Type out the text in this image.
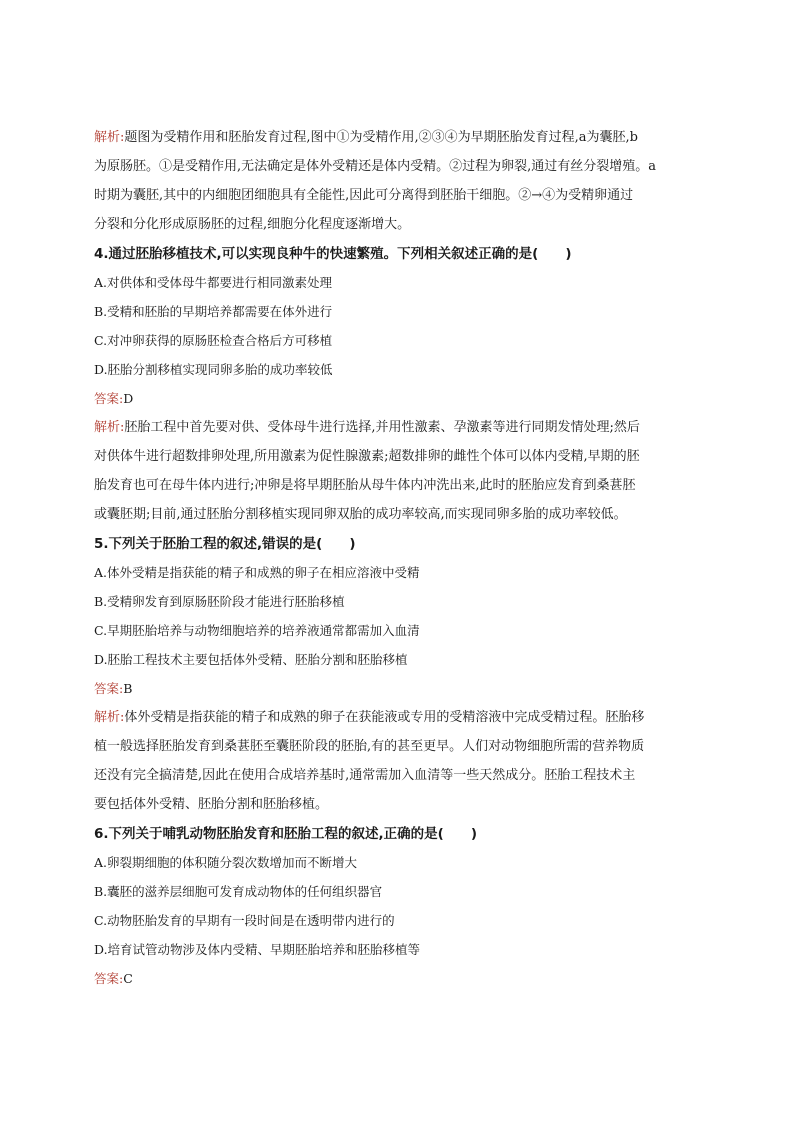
解析:题图为受精作用和胚胎发育过程,图中①为受精作用,②③④为早期胚胎发育过程,a为囊胚,b
为原肠胚。①是受精作用,无法确定是体外受精还是体内受精。②过程为卵裂,通过有丝分裂增殖。a
时期为囊胚,其中的内细胞团细胞具有全能性,因此可分离得到胚胎干细胞。②→④为受精卵通过
分裂和分化形成原肠胚的过程,细胞分化程度逐渐增大。
4.通过胚胎移植技术,可以实现良种牛的快速繁殖。下列相关叙述正确的是(　　)
A.对供体和受体母牛都要进行相同激素处理
B.受精和胚胎的早期培养都需要在体外进行
C.对冲卵获得的原肠胚检查合格后方可移植
D.胚胎分割移植实现同卵多胎的成功率较低
答案:D
解析:胚胎工程中首先要对供、受体母牛进行选择,并用性激素、孕激素等进行同期发情处理;然后
对供体牛进行超数排卵处理,所用激素为促性腺激素;超数排卵的雌性个体可以体内受精,早期的胚
胎发育也可在母牛体内进行;冲卵是将早期胚胎从母牛体内冲洗出来,此时的胚胎应发育到桑葚胚
或囊胚期;目前,通过胚胎分割移植实现同卵双胎的成功率较高,而实现同卵多胎的成功率较低。
5.下列关于胚胎工程的叙述,错误的是(　　)
A.体外受精是指获能的精子和成熟的卵子在相应溶液中受精
B.受精卵发育到原肠胚阶段才能进行胚胎移植
C.早期胚胎培养与动物细胞培养的培养液通常都需加入血清
D.胚胎工程技术主要包括体外受精、胚胎分割和胚胎移植
答案:B
解析:体外受精是指获能的精子和成熟的卵子在获能液或专用的受精溶液中完成受精过程。胚胎移
植一般选择胚胎发育到桑葚胚至囊胚阶段的胚胎,有的甚至更早。人们对动物细胞所需的营养物质
还没有完全搞清楚,因此在使用合成培养基时,通常需加入血清等一些天然成分。胚胎工程技术主
要包括体外受精、胚胎分割和胚胎移植。
6.下列关于哺乳动物胚胎发育和胚胎工程的叙述,正确的是(　　)
A.卵裂期细胞的体积随分裂次数增加而不断增大
B.囊胚的滋养层细胞可发育成动物体的任何组织器官
C.动物胚胎发育的早期有一段时间是在透明带内进行的
D.培育试管动物涉及体内受精、早期胚胎培养和胚胎移植等
答案:C
